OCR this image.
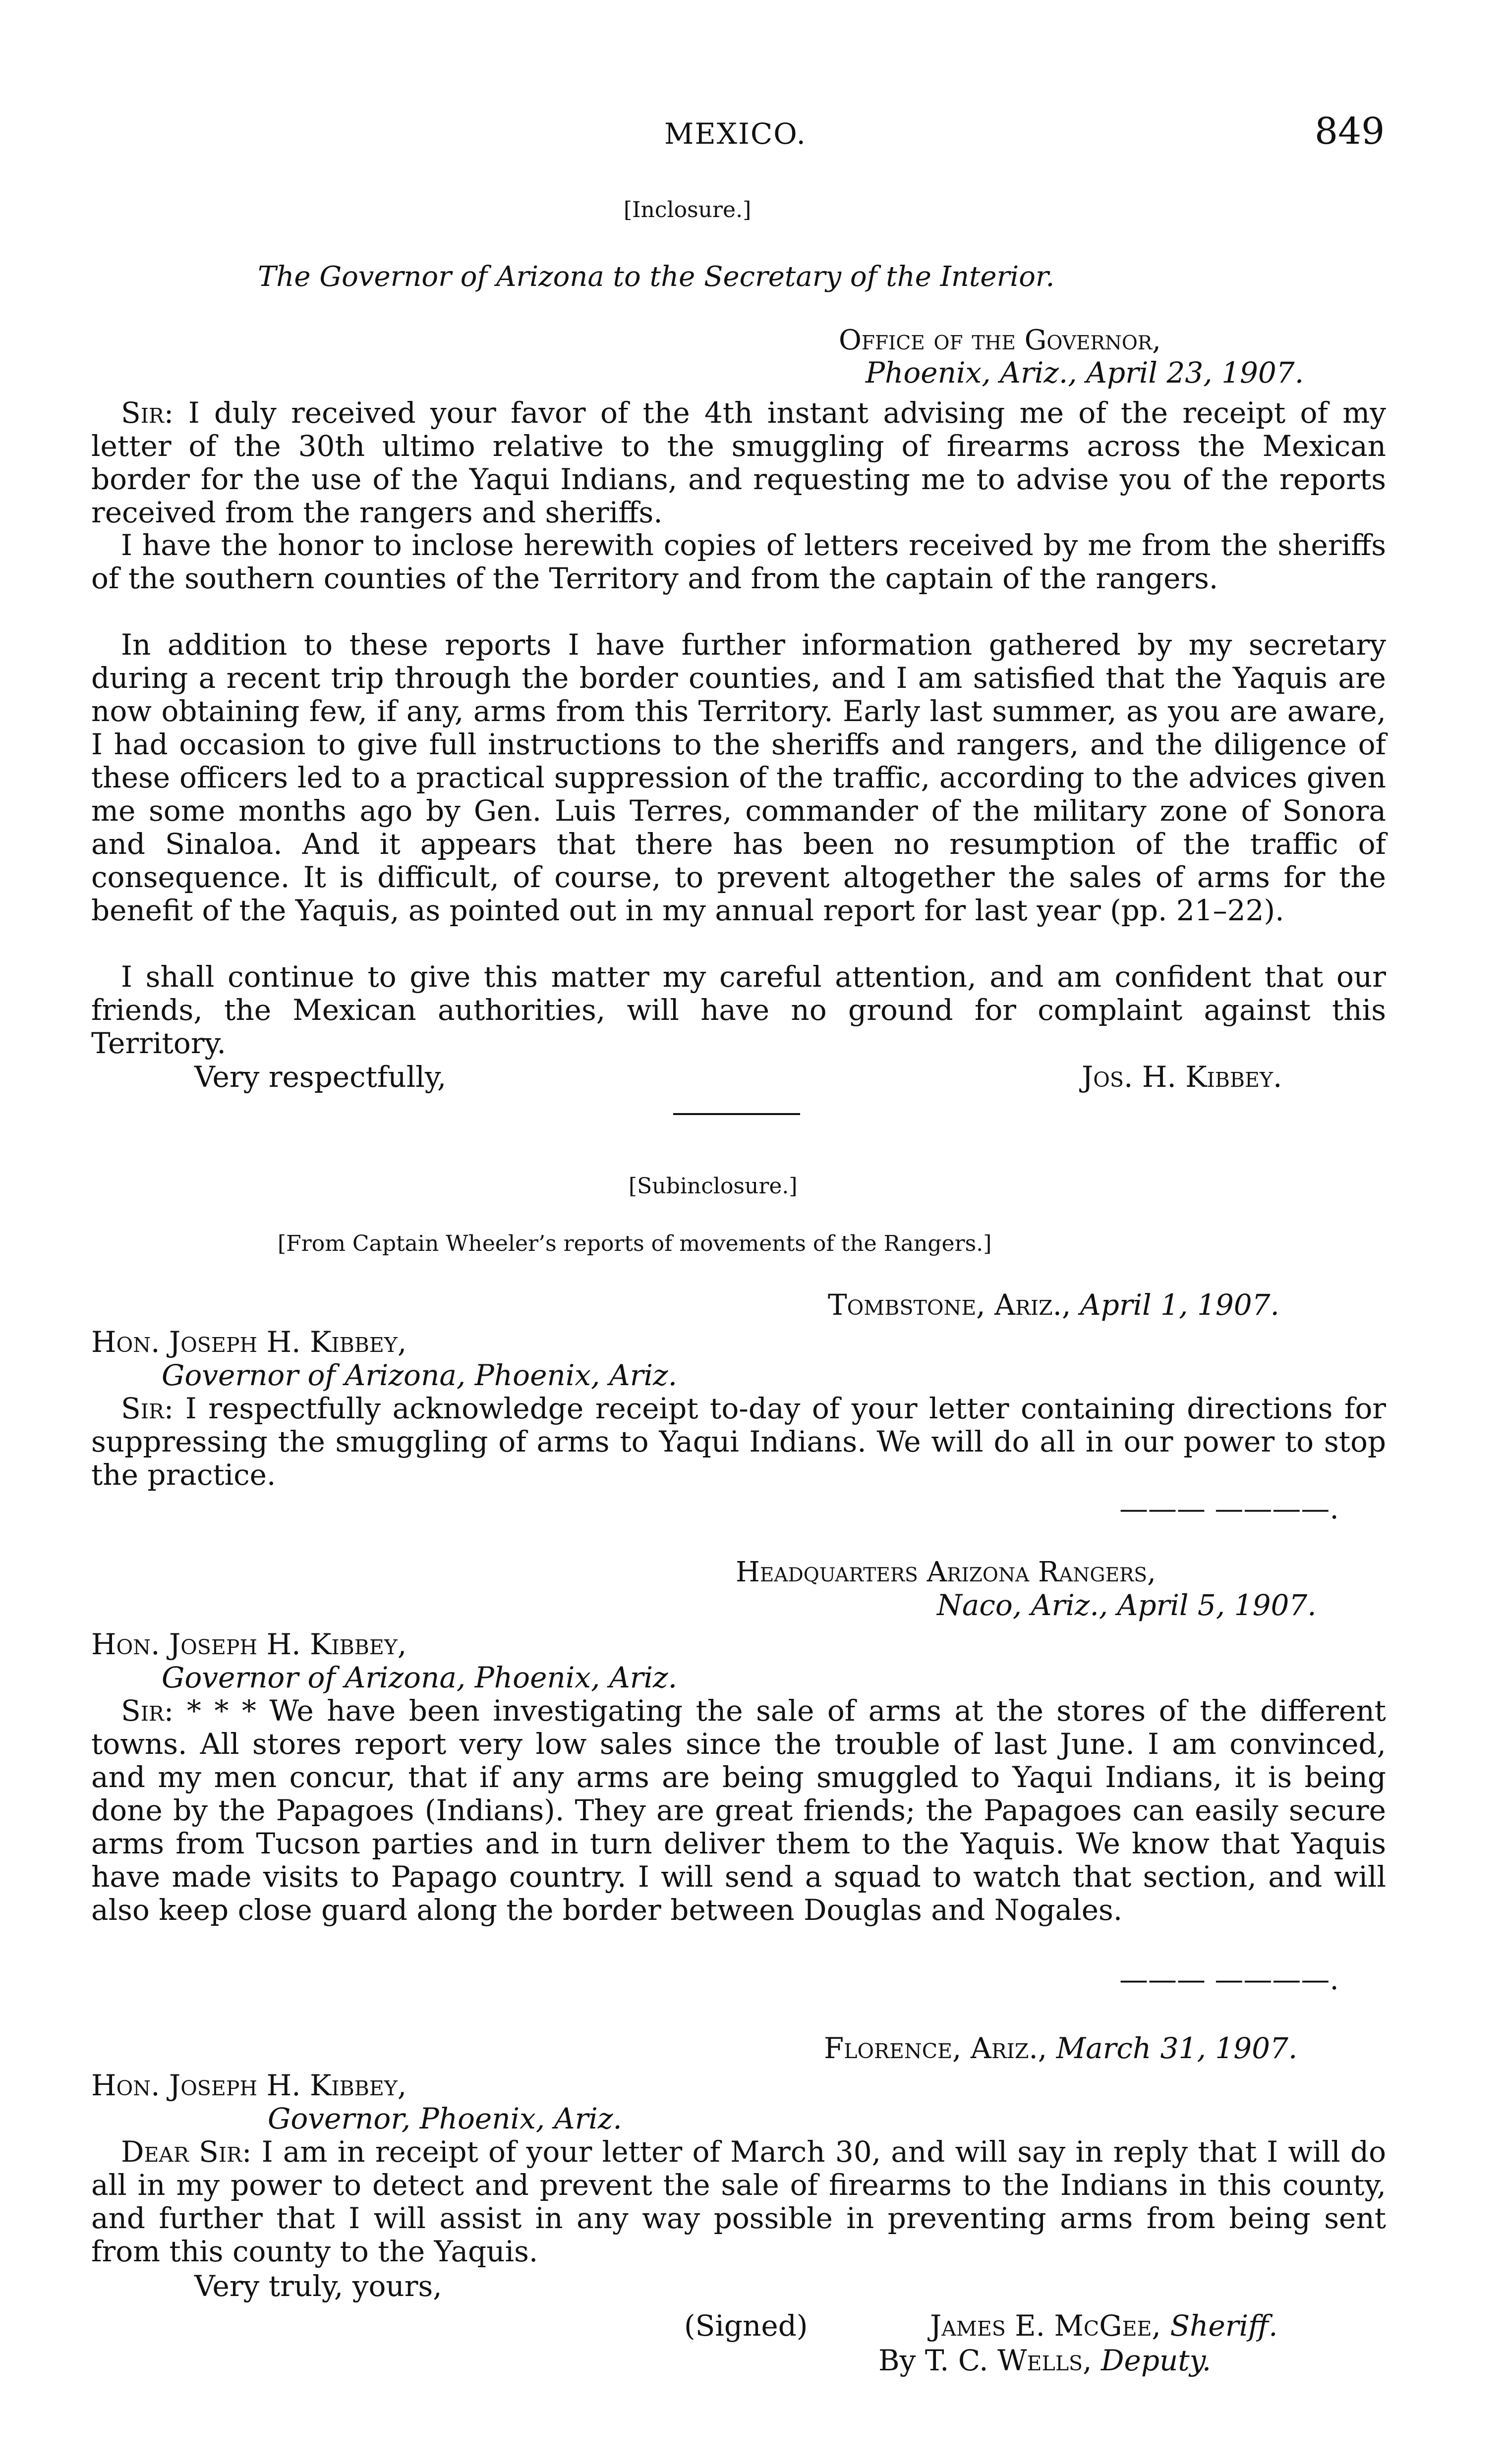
MEXICO.	849
[Inclosure.]
The Governor of Arizona to the Secretary of the Interior.
Office of the Governor,
Phoenix, Ariz., April 23, 1907.

Sir: I duly received your favor of the 4th instant advising me of the receipt of my letter of the 30th ultimo relative to the smuggling of firearms across the Mexican border for the use of the Yaqui Indians, and requesting me to advise you of the reports received from the rangers and sheriffs.

I have the honor to inclose herewith copies of letters received by me from the sheriffs of the southern counties of the Territory and from the captain of the rangers.

In addition to these reports I have further information gathered by my secretary during a recent trip through the border counties, and I am satisfied that the Yaquis are now obtaining few, if any, arms from this Territory. Early last summer, as you are aware, I had occasion to give full instructions to the sheriffs and rangers, and the diligence of these officers led to a practical suppression of the traffic, according to the advices given me some months ago by Gen. Luis Terres, commander of the military zone of Sonora and Sinaloa. And it appears that there has been no resumption of the traffic of consequence. It is difficult, of course, to prevent altogether the sales of arms for the benefit of the Yaquis, as pointed out in my annual report for last year (pp. 21–22).

I shall continue to give this matter my careful attention, and am confident that our friends, the Mexican authorities, will have no ground for complaint against this Territory.

Very respectfully,	Jos. H. Kibbey.
[Subinclosure.]
[From Captain Wheeler’s reports of movements of the Rangers.]
Tombstone, Ariz., April 1, 1907.
Hon. Joseph H. Kibbey,
Governor of Arizona, Phoenix, Ariz.

Sir: I respectfully acknowledge receipt to-day of your letter containing directions for suppressing the smuggling of arms to Yaqui Indians. We will do all in our power to stop the practice.

——— ————.
Headquarters Arizona Rangers,
Naco, Ariz., April 5, 1907.
Hon. Joseph H. Kibbey,
Governor of Arizona, Phoenix, Ariz.

Sir: * * * We have been investigating the sale of arms at the stores of the different towns. All stores report very low sales since the trouble of last June. I am convinced, and my men concur, that if any arms are being smuggled to Yaqui Indians, it is being done by the Papagoes (Indians). They are great friends; the Papagoes can easily secure arms from Tucson parties and in turn deliver them to the Yaquis. We know that Yaquis have made visits to Papago country. I will send a squad to watch that section, and will also keep close guard along the border between Douglas and Nogales.

——— ————.
Florence, Ariz., March 31, 1907.
Hon. Joseph H. Kibbey,
Governor, Phoenix, Ariz.

Dear Sir: I am in receipt of your letter of March 30, and will say in reply that I will do all in my power to detect and prevent the sale of firearms to the Indians in this county, and further that I will assist in any way possible in preventing arms from being sent from this county to the Yaquis.

Very truly, yours,
(Signed)	James E. McGee, Sheriff.
By T. C. Wells, Deputy.
